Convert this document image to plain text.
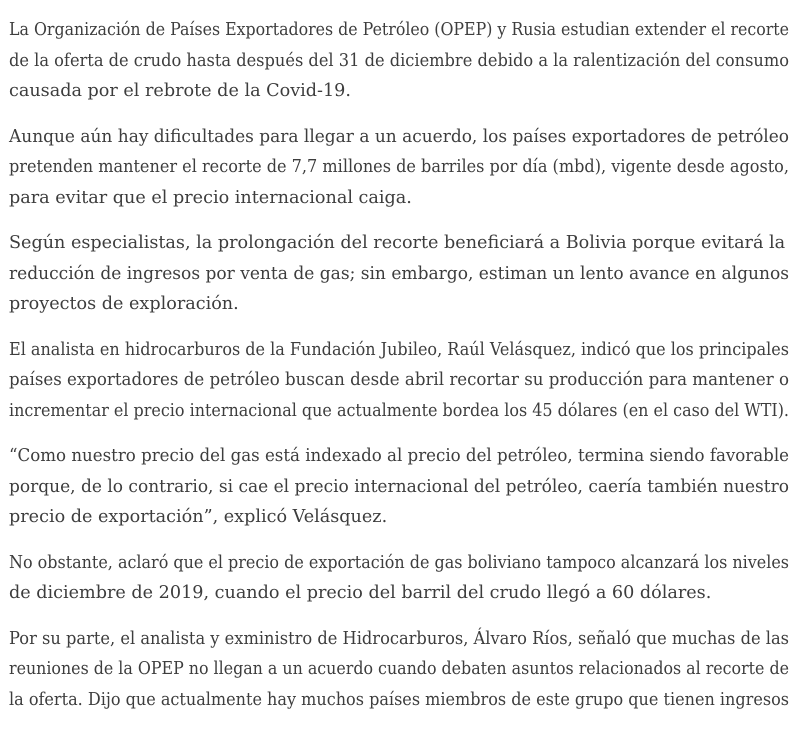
La Organización de Países Exportadores de Petróleo (OPEP) y Rusia estudian extender el recorte
de la oferta de crudo hasta después del 31 de diciembre debido a la ralentización del consumo
causada por el rebrote de la Covid-19.

Aunque aún hay dificultades para llegar a un acuerdo, los países exportadores de petróleo
pretenden mantener el recorte de 7,7 millones de barriles por día (mbd), vigente desde agosto,
para evitar que el precio internacional caiga.

Según especialistas, la prolongación del recorte beneficiará a Bolivia porque evitará la
reducción de ingresos por venta de gas; sin embargo, estiman un lento avance en algunos
proyectos de exploración.

El analista en hidrocarburos de la Fundación Jubileo, Raúl Velásquez, indicó que los principales
países exportadores de petróleo buscan desde abril recortar su producción para mantener o
incrementar el precio internacional que actualmente bordea los 45 dólares (en el caso del WTI).

“Como nuestro precio del gas está indexado al precio del petróleo, termina siendo favorable
porque, de lo contrario, si cae el precio internacional del petróleo, caería también nuestro
precio de exportación”, explicó Velásquez.

No obstante, aclaró que el precio de exportación de gas boliviano tampoco alcanzará los niveles
de diciembre de 2019, cuando el precio del barril del crudo llegó a 60 dólares.

Por su parte, el analista y exministro de Hidrocarburos, Álvaro Ríos, señaló que muchas de las
reuniones de la OPEP no llegan a un acuerdo cuando debaten asuntos relacionados al recorte de
la oferta. Dijo que actualmente hay muchos países miembros de este grupo que tienen ingresos
